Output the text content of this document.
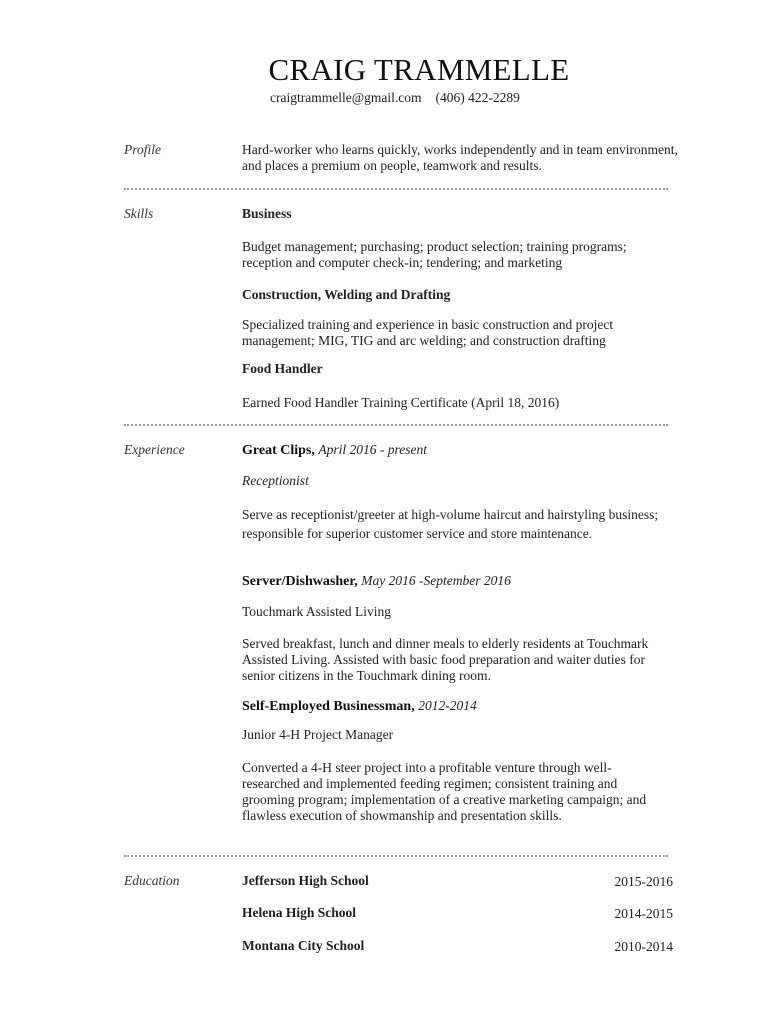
CRAIG TRAMMELLE
craigtrammelle@gmail.com (406) 422-2289
Profile	Hard-worker who learns quickly, works independently and in team environment, and places a premium on people, teamwork and results.
Skills	Business
Budget management; purchasing; product selection; training programs; reception and computer check-in; tendering; and marketing
Construction, Welding and Drafting
Specialized training and experience in basic construction and project management; MIG, TIG and arc welding; and construction drafting
Food Handler
Earned Food Handler Training Certificate (April 18, 2016)
Experience	Great Clips, April 2016 - present
Receptionist
Serve as receptionist/greeter at high-volume haircut and hairstyling business; responsible for superior customer service and store maintenance.
Server/Dishwasher, May 2016 -September 2016
Touchmark Assisted Living
Served breakfast, lunch and dinner meals to elderly residents at Touchmark Assisted Living. Assisted with basic food preparation and waiter duties for senior citizens in the Touchmark dining room.
Self-Employed Businessman, 2012-2014
Junior 4-H Project Manager
Converted a 4-H steer project into a profitable venture through well-researched and implemented feeding regimen; consistent training and grooming program; implementation of a creative marketing campaign; and flawless execution of showmanship and presentation skills.
Education	Jefferson High School	2015-2016
Helena High School	2014-2015
Montana City School	2010-2014
